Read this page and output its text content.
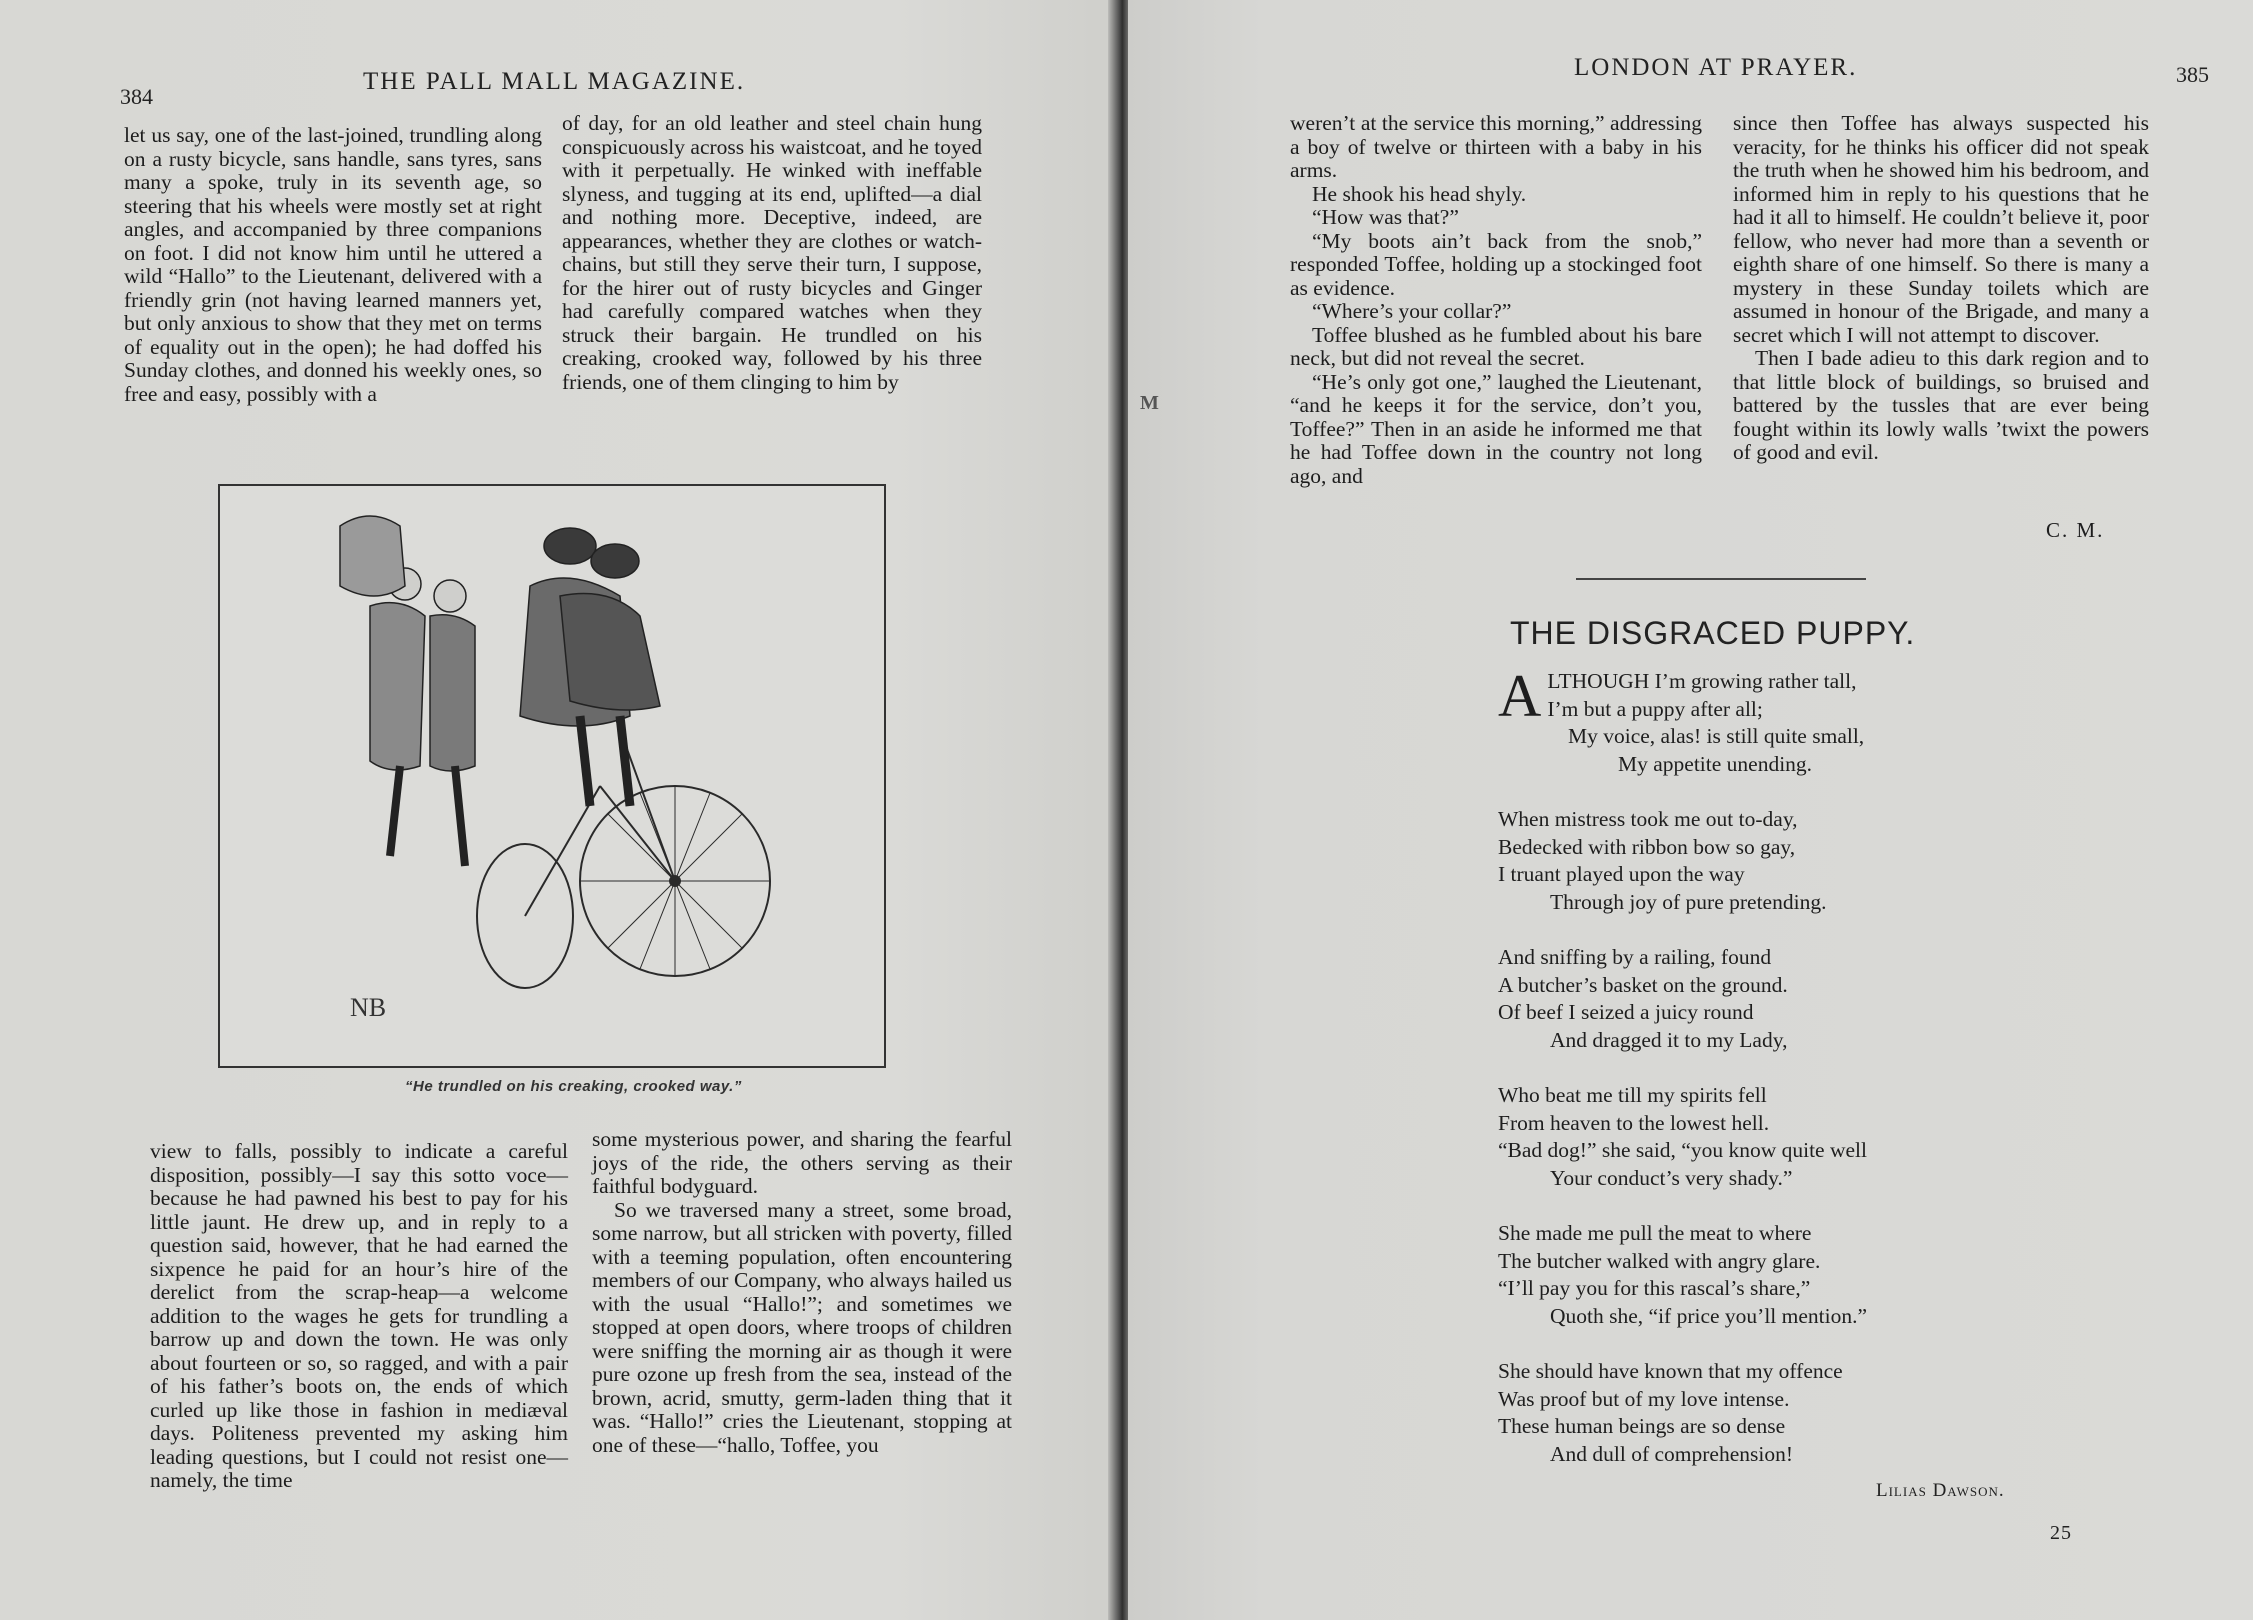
384
THE PALL MALL MAGAZINE.

let us say, one of the last-joined, trundling along on a rusty bicycle, sans handle, sans tyres, sans many a spoke, truly in its seventh age, so steering that his wheels were mostly set at right angles, and accompanied by three companions on foot. I did not know him until he uttered a wild “Hallo” to the Lieutenant, delivered with a friendly grin (not having learned manners yet, but only anxious to show that they met on terms of equality out in the open); he had doffed his Sunday clothes, and donned his weekly ones, so free and easy, possibly with a

of day, for an old leather and steel chain hung conspicuously across his waistcoat, and he toyed with it perpetually. He winked with ineffable slyness, and tugging at its end, uplifted—a dial and nothing more. Deceptive, indeed, are appearances, whether they are clothes or watch-chains, but still they serve their turn, I suppose, for the hirer out of rusty bicycles and Ginger had carefully compared watches when they struck their bargain. He trundled on his creaking, crooked way, followed by his three friends, one of them clinging to him by

NB
“He trundled on his creaking, crooked way.”

view to falls, possibly to indicate a careful disposition, possibly—I say this sotto voce—because he had pawned his best to pay for his little jaunt. He drew up, and in reply to a question said, however, that he had earned the sixpence he paid for an hour’s hire of the derelict from the scrap-heap—a welcome addition to the wages he gets for trundling a barrow up and down the town. He was only about fourteen or so, so ragged, and with a pair of his father’s boots on, the ends of which curled up like those in fashion in mediæval days. Politeness prevented my asking him leading questions, but I could not resist one—namely, the time

some mysterious power, and sharing the fearful joys of the ride, the others serving as their faithful bodyguard.

So we traversed many a street, some broad, some narrow, but all stricken with poverty, filled with a teeming population, often encountering members of our Company, who always hailed us with the usual “Hallo!”; and sometimes we stopped at open doors, where troops of children were sniffing the morning air as though it were pure ozone up fresh from the sea, instead of the brown, acrid, smutty, germ-laden thing that it was. “Hallo!” cries the Lieutenant, stopping at one of these—“hallo, Toffee, you

LONDON AT PRAYER.	385
M

weren’t at the service this morning,” addressing a boy of twelve or thirteen with a baby in his arms.

He shook his head shyly.

“How was that?”

“My boots ain’t back from the snob,” responded Toffee, holding up a stockinged foot as evidence.

“Where’s your collar?”

Toffee blushed as he fumbled about his bare neck, but did not reveal the secret.

“He’s only got one,” laughed the Lieutenant, “and he keeps it for the service, don’t you, Toffee?” Then in an aside he informed me that he had Toffee down in the country not long ago, and

since then Toffee has always suspected his veracity, for he thinks his officer did not speak the truth when he showed him his bedroom, and informed him in reply to his questions that he had it all to himself. He couldn’t believe it, poor fellow, who never had more than a seventh or eighth share of one himself. So there is many a mystery in these Sunday toilets which are assumed in honour of the Brigade, and many a secret which I will not attempt to discover.

Then I bade adieu to this dark region and to that little block of buildings, so bruised and battered by the tussles that are ever being fought within its lowly walls ’twixt the powers of good and evil.

C. M.
THE DISGRACED PUPPY.
A LTHOUGH I’m growing rather tall,
I’m but a puppy after all;
My voice, alas! is still quite small,
My appetite unending.
When mistress took me out to-day,
Bedecked with ribbon bow so gay,
I truant played upon the way
Through joy of pure pretending.
And sniffing by a railing, found
A butcher’s basket on the ground.
Of beef I seized a juicy round
And dragged it to my Lady,
Who beat me till my spirits fell
From heaven to the lowest hell.
“Bad dog!” she said, “you know quite well
Your conduct’s very shady.”
She made me pull the meat to where
The butcher walked with angry glare.
“I’ll pay you for this rascal’s share,”
Quoth she, “if price you’ll mention.”
She should have known that my offence
Was proof but of my love intense.
These human beings are so dense
And dull of comprehension!
Lilias Dawson.
25
